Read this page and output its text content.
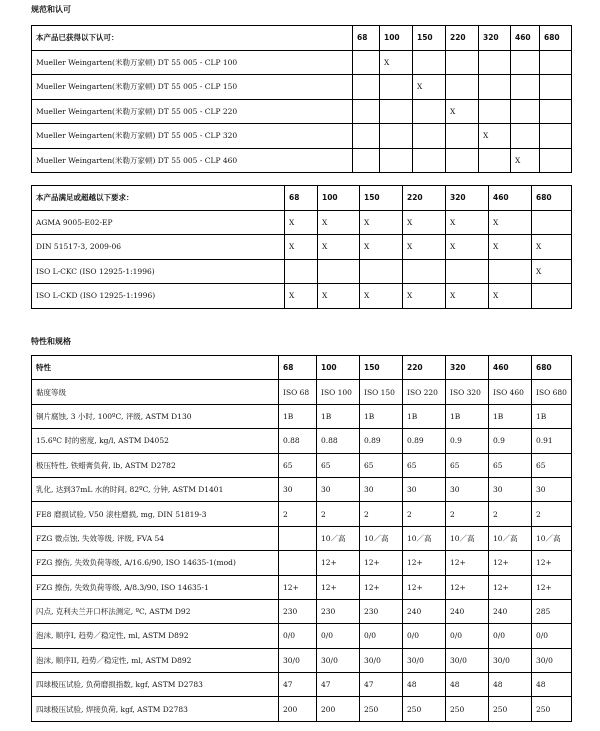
规范和认可
本产品已获得以下认可：	68	100	150	220	320	460	680
Mueller Weingarten(米勒万家顿) DT 55 005 - CLP 100		X					
Mueller Weingarten(米勒万家顿) DT 55 005 - CLP 150			X				
Mueller Weingarten(米勒万家顿) DT 55 005 - CLP 220				X			
Mueller Weingarten(米勒万家顿) DT 55 005 - CLP 320					X		
Mueller Weingarten(米勒万家顿) DT 55 005 - CLP 460						X	
本产品满足或超越以下要求：	68	100	150	220	320	460	680
AGMA 9005-E02-EP	X	X	X	X	X	X	
DIN 51517-3, 2009-06	X	X	X	X	X	X	X
ISO L-CKC (ISO 12925-1:1996)							X
ISO L-CKD (ISO 12925-1:1996)	X	X	X	X	X	X	
特性和规格
特性	68	100	150	220	320	460	680
黏度等级	ISO 68	ISO 100	ISO 150	ISO 220	ISO 320	ISO 460	ISO 680
铜片腐蚀, 3 小时, 100ºC, 评级, ASTM D130	1B	1B	1B	1B	1B	1B	1B
15.6ºC 时的密度, kg/l, ASTM D4052	0.88	0.88	0.89	0.89	0.9	0.9	0.91
极压特性, 铁蜡膏负荷, lb, ASTM D2782	65	65	65	65	65	65	65
乳化, 达到37mL 水的时间, 82ºC, 分钟, ASTM D1401	30	30	30	30	30	30	30
FE8 磨损试验, V50 滚柱磨损, mg, DIN 51819-3	2	2	2	2	2	2	2
FZG 微点蚀, 失效等级, 评级, FVA 54		10／高	10／高	10／高	10／高	10／高	10／高
FZG 擦伤, 失效负荷等级, A/16.6/90, ISO 14635-1(mod)		12+	12+	12+	12+	12+	12+
FZG 擦伤, 失效负荷等级, A/8.3/90, ISO 14635-1	12+	12+	12+	12+	12+	12+	12+
闪点, 克利夫兰开口杯法测定, ºC, ASTM D92	230	230	230	240	240	240	285
泡沫, 顺序I, 趋势／稳定性, ml, ASTM D892	0/0	0/0	0/0	0/0	0/0	0/0	0/0
泡沫, 顺序II, 趋势／稳定性, ml, ASTM D892	30/0	30/0	30/0	30/0	30/0	30/0	30/0
四球极压试验, 负荷磨损指数, kgf, ASTM D2783	47	47	47	48	48	48	48
四球极压试验, 焊接负荷, kgf, ASTM D2783	200	200	250	250	250	250	250
